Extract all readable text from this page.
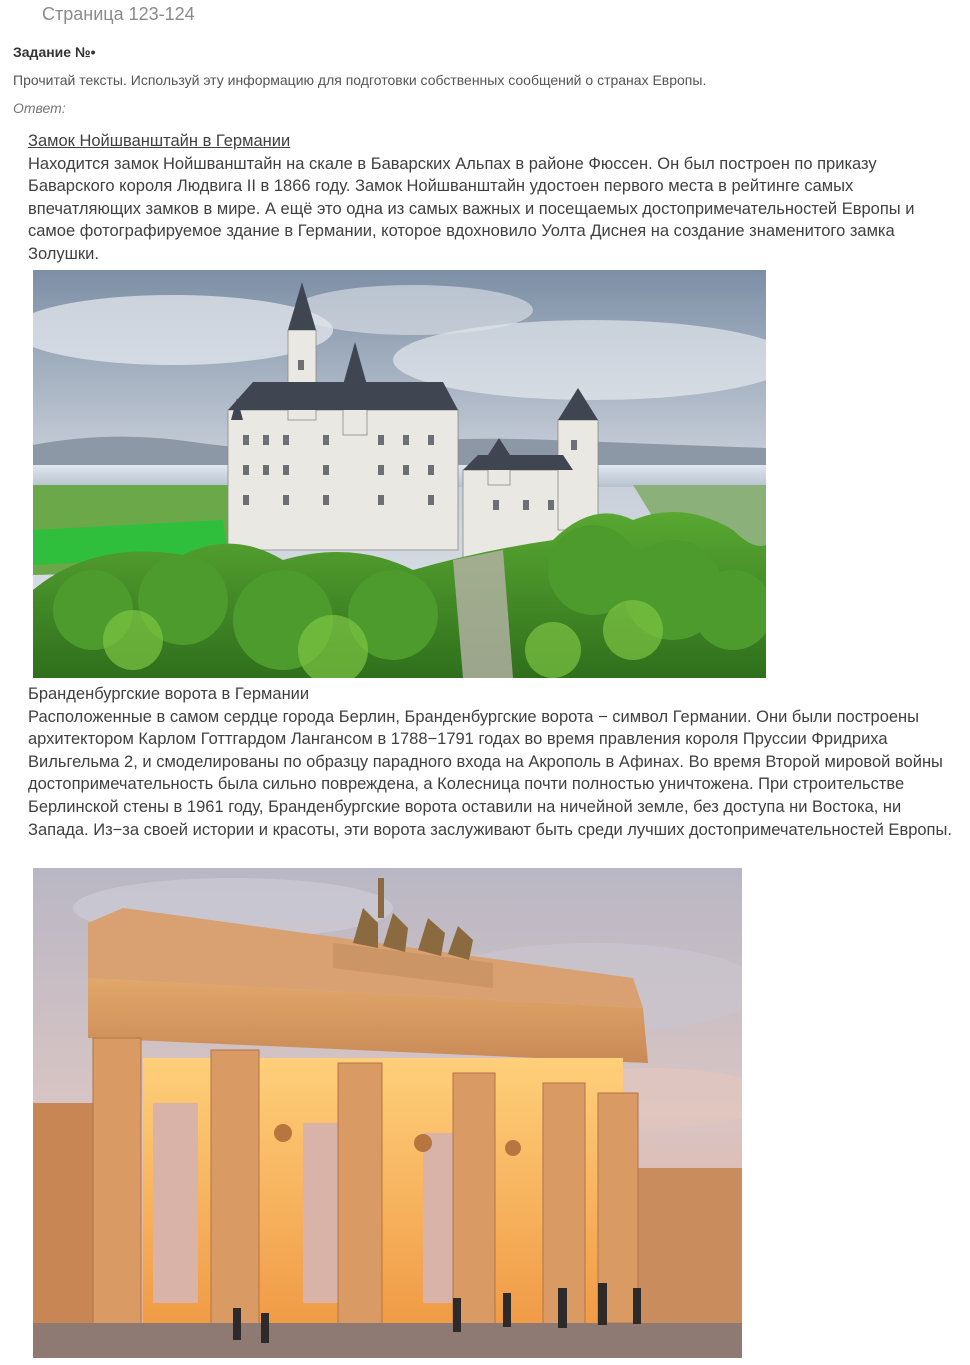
Страница 123-124
Задание №•
Прочитай тексты. Используй эту информацию для подготовки собственных сообщений о странах Европы.
Ответ:
Замок Нойшванштайн в Германии
Находится замок Нойшванштайн на скале в Баварских Альпах в районе Фюссен. Он был построен по приказу Баварского короля Людвига II в 1866 году. Замок Нойшванштайн удостоен первого места в рейтинге самых впечатляющих замков в мире. А ещё это одна из самых важных и посещаемых достопримечательностей Европы и самое фотографируемое здание в Германии, которое вдохновило Уолта Диснея на создание знаменитого замка Золушки.
Бранденбургские ворота в Германии
Расположенные в самом сердце города Берлин, Бранденбургские ворота − символ Германии. Они были построены архитектором Карлом Готтгардом Лангансом в 1788−1791 годах во время правления короля Пруссии Фридриха Вильгельма 2, и смоделированы по образцу парадного входа на Акрополь в Афинах. Во время Второй мировой войны достопримечательность была сильно повреждена, а Колесница почти полностью уничтожена. При строительстве Берлинской стены в 1961 году, Бранденбургские ворота оставили на ничейной земле, без доступа ни Востока, ни Запада. Из−за своей истории и красоты, эти ворота заслуживают быть среди лучших достопримечательностей Европы.
